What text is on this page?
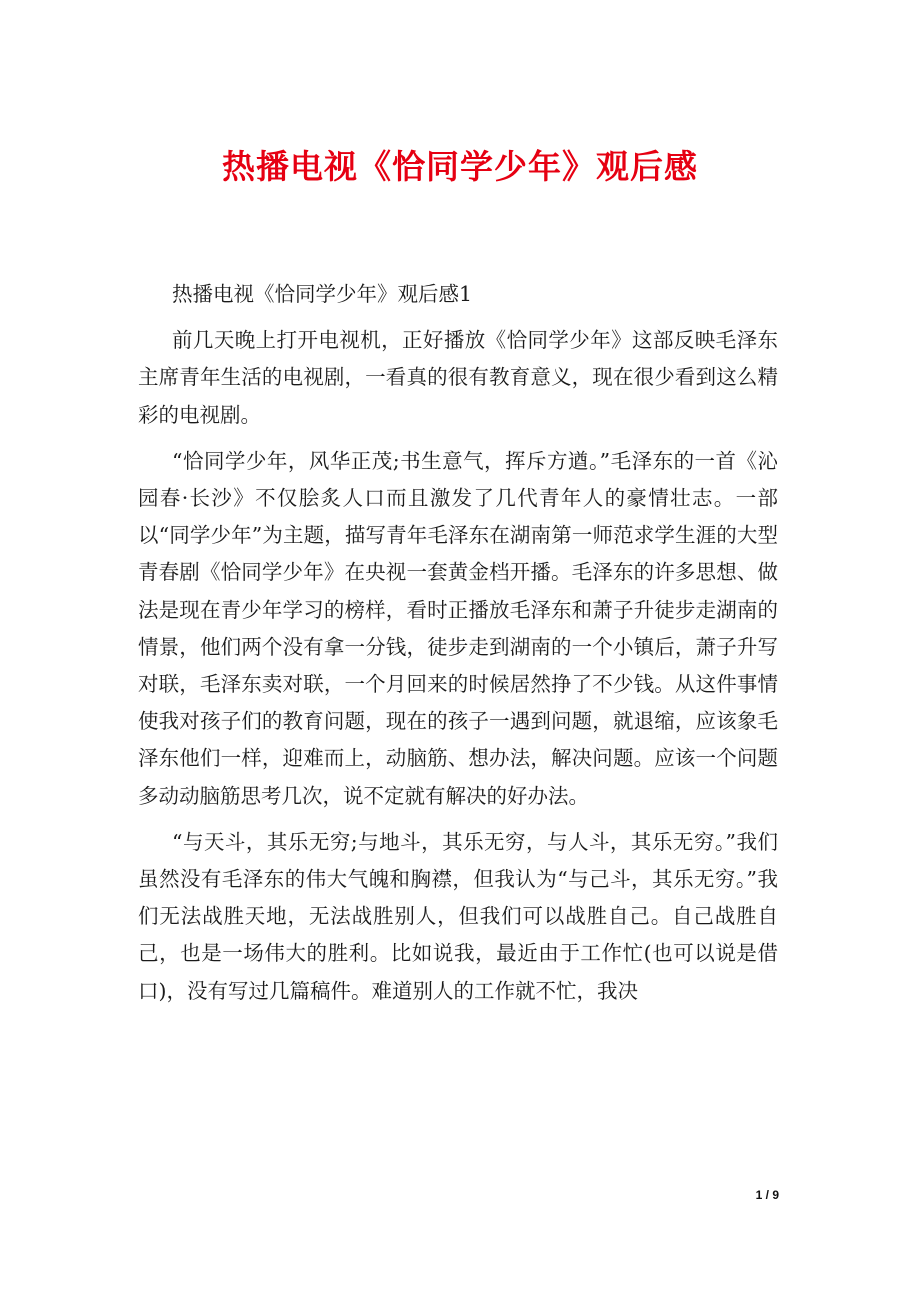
热播电视《恰同学少年》观后感

热播电视《恰同学少年》观后感1

前几天晚上打开电视机，正好播放《恰同学少年》这部反映毛泽东主席青年生活的电视剧，一看真的很有教育意义，现在很少看到这么精彩的电视剧。

“恰同学少年，风华正茂;书生意气，挥斥方遒。”毛泽东的一首《沁园春·长沙》不仅脍炙人口而且激发了几代青年人的豪情壮志。一部以“同学少年”为主题，描写青年毛泽东在湖南第一师范求学生涯的大型青春剧《恰同学少年》在央视一套黄金档开播。毛泽东的许多思想、做法是现在青少年学习的榜样，看时正播放毛泽东和萧子升徒步走湖南的情景，他们两个没有拿一分钱，徒步走到湖南的一个小镇后，萧子升写对联，毛泽东卖对联，一个月回来的时候居然挣了不少钱。从这件事情使我对孩子们的教育问题，现在的孩子一遇到问题，就退缩，应该象毛泽东他们一样，迎难而上，动脑筋、想办法，解决问题。应该一个问题多动动脑筋思考几次，说不定就有解决的好办法。

“与天斗，其乐无穷;与地斗，其乐无穷，与人斗，其乐无穷。”我们虽然没有毛泽东的伟大气魄和胸襟，但我认为“与己斗，其乐无穷。”我们无法战胜天地，无法战胜别人，但我们可以战胜自己。自己战胜自己，也是一场伟大的胜利。比如说我，最近由于工作忙(也可以说是借口)，没有写过几篇稿件。难道别人的工作就不忙，我决

1 / 9
